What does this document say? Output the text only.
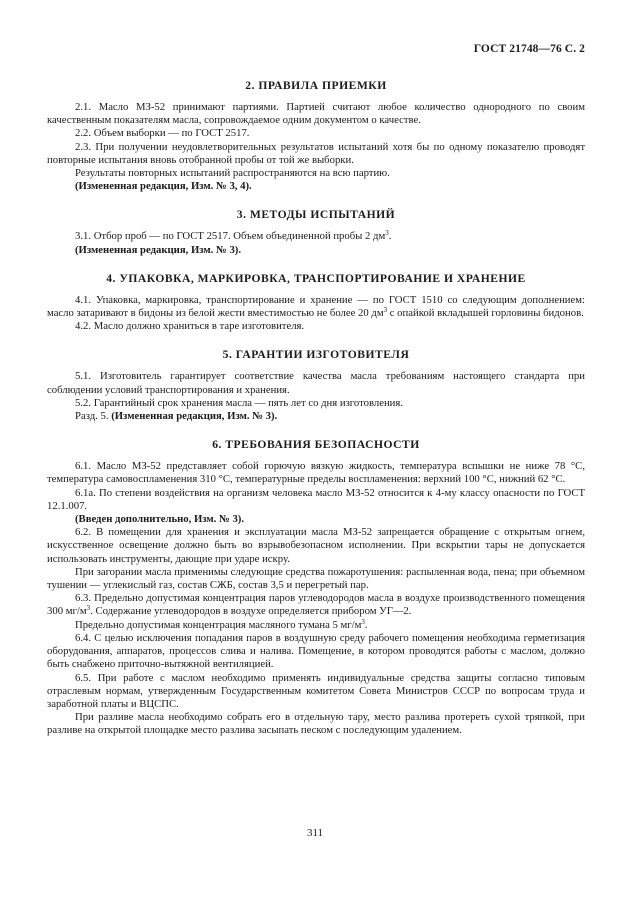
ГОСТ 21748—76 С. 2
2. ПРАВИЛА ПРИЕМКИ

2.1. Масло МЗ-52 принимают партиями. Партией считают любое количество однородного по своим качественным показателям масла, сопровождаемое одним документом о качестве.

2.2. Объем выборки — по ГОСТ 2517.

2.3. При получении неудовлетворительных результатов испытаний хотя бы по одному показателю проводят повторные испытания вновь отобранной пробы от той же выборки.

Результаты повторных испытаний распространяются на всю партию.

(Измененная редакция, Изм. № 3, 4).

3. МЕТОДЫ ИСПЫТАНИЙ

3.1. Отбор проб — по ГОСТ 2517. Объем объединенной пробы 2 $дм^3$.

(Измененная редакция, Изм. № 3).

4. УПАКОВКА, МАРКИРОВКА, ТРАНСПОРТИРОВАНИЕ И ХРАНЕНИЕ

4.1. Упаковка, маркировка, транспортирование и хранение — по ГОСТ 1510 со следующим дополнением: масло затаривают в бидоны из белой жести вместимостью не более 20 $дм^3$ с опайкой вкладышей горловины бидонов.

4.2. Масло должно храниться в таре изготовителя.

5. ГАРАНТИИ ИЗГОТОВИТЕЛЯ

5.1. Изготовитель гарантирует соответствие качества масла требованиям настоящего стандарта при соблюдении условий транспортирования и хранения.

5.2. Гарантийный срок хранения масла — пять лет со дня изготовления.

Разд. 5. (Измененная редакция, Изм. № 3).

6. ТРЕБОВАНИЯ БЕЗОПАСНОСТИ

6.1. Масло МЗ-52 представляет собой горючую вязкую жидкость, температура вспышки не ниже 78 °С, температура самовоспламенения 310 °С, температурные пределы воспламенения: верхний 100 °С, нижний 62 °С.

6.1а. По степени воздействия на организм человека масло МЗ-52 относится к 4-му классу опасности по ГОСТ 12.1.007.

(Введен дополнительно, Изм. № 3).

6.2. В помещении для хранения и эксплуатации масла МЗ-52 запрещается обращение с открытым огнем, искусственное освещение должно быть во взрывобезопасном исполнении. При вскрытии тары не допускается использовать инструменты, дающие при ударе искру.

При загорании масла применимы следующие средства пожаротушения: распыленная вода, пена; при объемном тушении — углекислый газ, состав СЖБ, состав 3,5 и перегретый пар.

6.3. Предельно допустимая концентрация паров углеводородов масла в воздухе производственного помещения 300 $мг/м^3$. Содержание углеводородов в воздухе определяется прибором УГ—2.

Предельно допустимая концентрация масляного тумана 5 $мг/м^3$.

6.4. С целью исключения попадания паров в воздушную среду рабочего помещения необходима герметизация оборудования, аппаратов, процессов слива и налива. Помещение, в котором проводятся работы с маслом, должно быть снабжено приточно-вытяжной вентиляцией.

6.5. При работе с маслом необходимо применять индивидуальные средства защиты согласно типовым отраслевым нормам, утвержденным Государственным комитетом Совета Министров СССР по вопросам труда и заработной платы и ВЦСПС.

При разливе масла необходимо собрать его в отдельную тару, место разлива протереть сухой тряпкой, при разливе на открытой площадке место разлива засыпать песком с последующим удалением.

311
